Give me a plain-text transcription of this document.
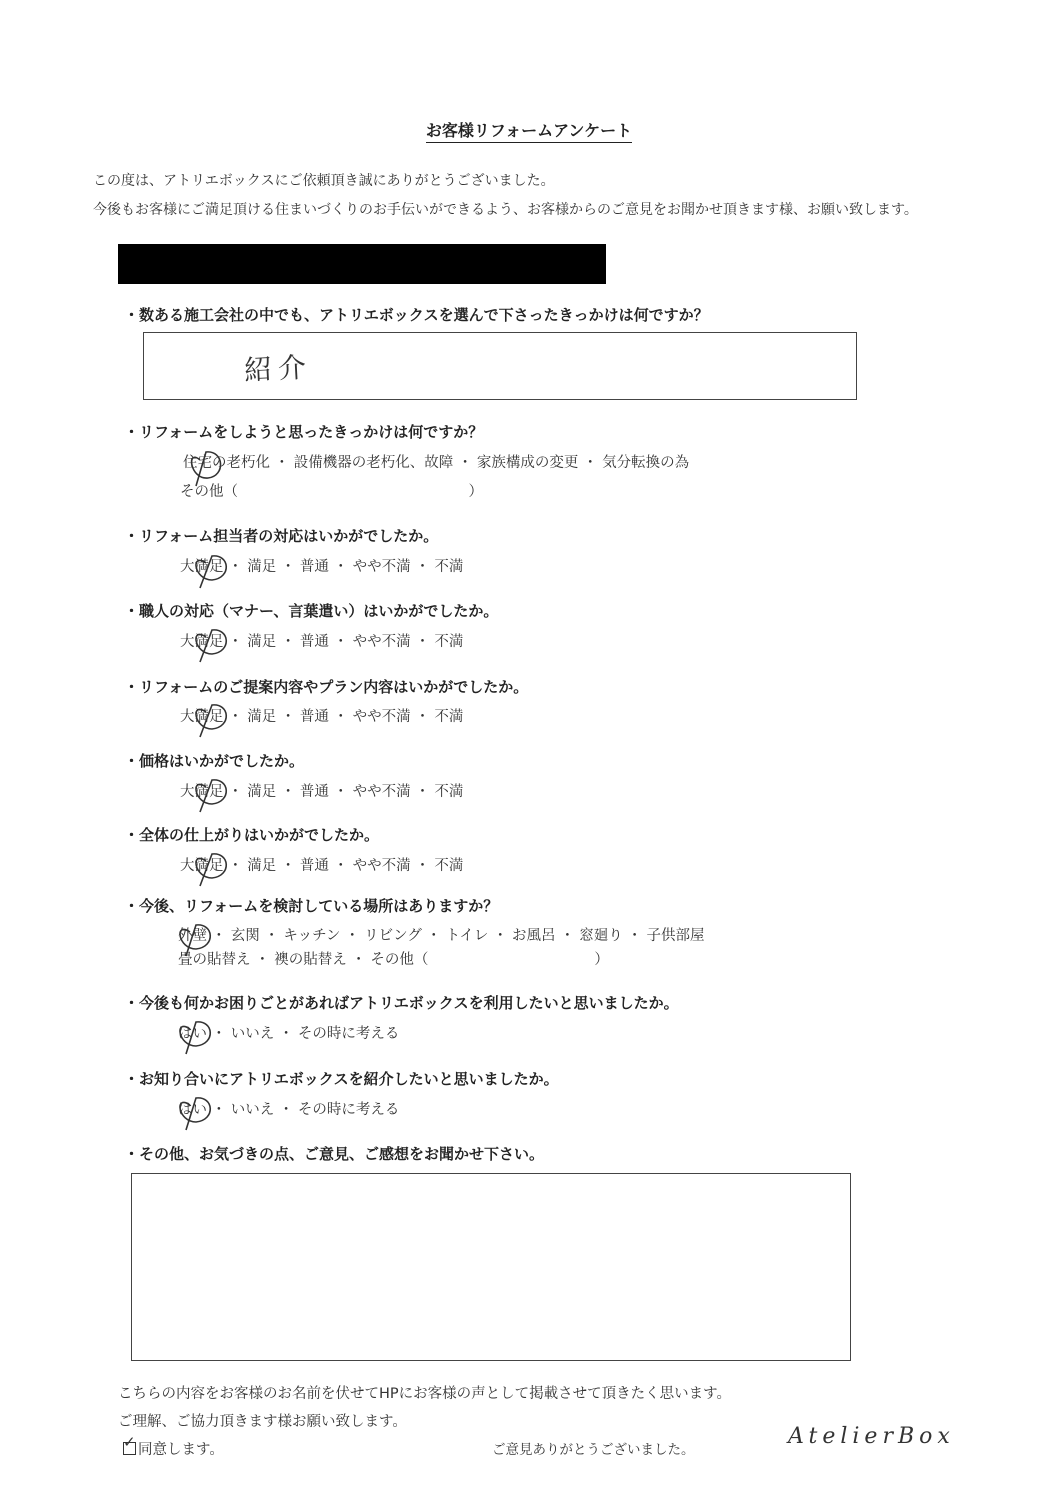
お客様リフォームアンケート
この度は、アトリエボックスにご依頼頂き誠にありがとうございました。
今後もお客様にご満足頂ける住まいづくりのお手伝いができるよう、お客様からのご意見をお聞かせ頂きます様、お願い致します。
・ 数ある施工会社の中でも、アトリエボックスを選んで下さったきっかけは何ですか？
紹介
・ リフォームをしようと思ったきっかけは何ですか？
住宅の老朽化 ・ 設備機器の老朽化、故障 ・ 家族構成の変更 ・ 気分転換の為
その他（                                                  ）
・ リフォーム担当者の対応はいかがでしたか。
大満足 ・ 満足 ・ 普通 ・ やや不満 ・ 不満
・ 職人の対応（マナー、言葉遣い）はいかがでしたか。
大満足 ・ 満足 ・ 普通 ・ やや不満 ・ 不満
・ リフォームのご提案内容やプラン内容はいかがでしたか。
大満足 ・ 満足 ・ 普通 ・ やや不満 ・ 不満
・ 価格はいかがでしたか。
大満足 ・ 満足 ・ 普通 ・ やや不満 ・ 不満
・ 全体の仕上がりはいかがでしたか。
大満足 ・ 満足 ・ 普通 ・ やや不満 ・ 不満
・ 今後、リフォームを検討している場所はありますか？
外壁 ・ 玄関 ・ キッチン ・ リビング ・ トイレ ・ お風呂 ・ 窓廻り ・ 子供部屋
畳の貼替え ・ 襖の貼替え ・ その他（                                    ）
・ 今後も何かお困りごとがあればアトリエボックスを利用したいと思いましたか。
はい ・ いいえ ・ その時に考える
・ お知り合いにアトリエボックスを紹介したいと思いましたか。
はい ・ いいえ ・ その時に考える
・ その他、お気づきの点、ご意見、ご感想をお聞かせ下さい。
こちらの内容をお客様のお名前を伏せてHPにお客様の声として掲載させて頂きたく思います。
ご理解、ご協力頂きます様お願い致します。
✓ 同意します。	ご意見ありがとうございました。
AtelierBox
